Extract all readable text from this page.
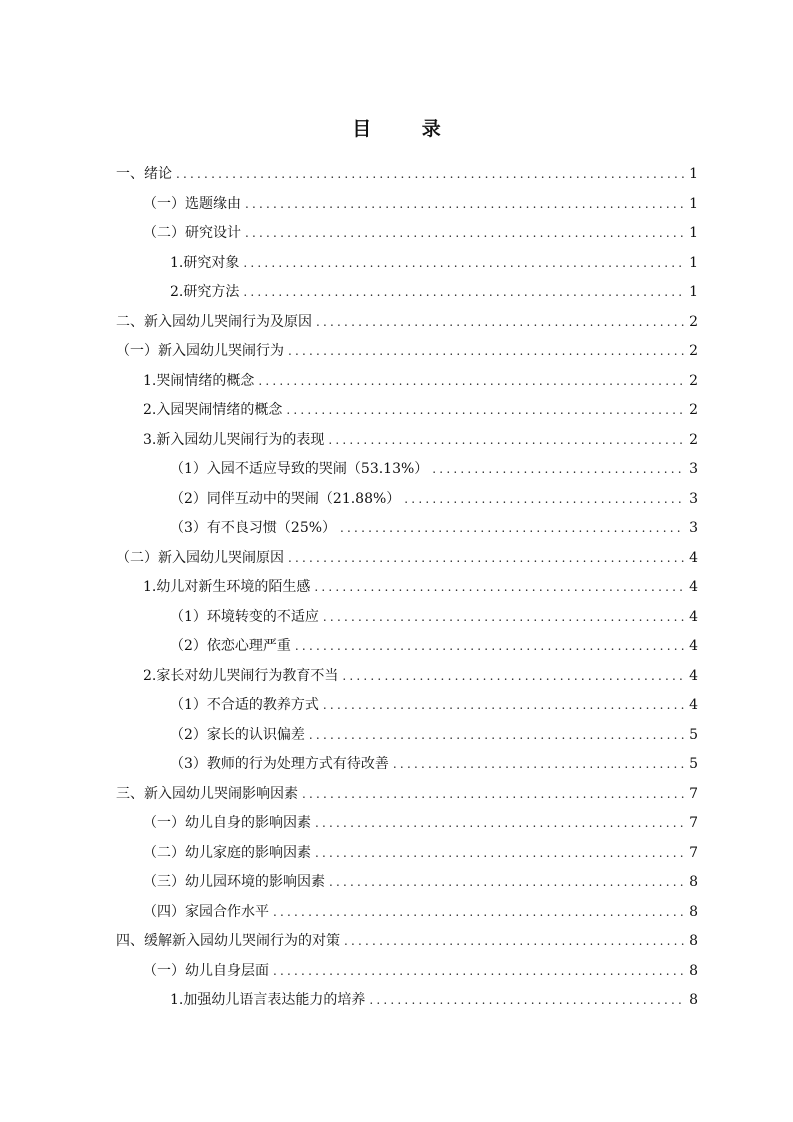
目 录
一、绪论 .....	1
（一）选题缘由 .....	1
（二）研究设计 .....	1
1.研究对象 .....	1
2.研究方法 .....	1
二、新入园幼儿哭闹行为及原因 .....	2
（一）新入园幼儿哭闹行为 .....	2
1.哭闹情绪的概念 .....	2
2.入园哭闹情绪的概念 .....	2
3.新入园幼儿哭闹行为的表现 .....	2
（1）入园不适应导致的哭闹（53.13%） .....	3
（2）同伴互动中的哭闹（21.88%） .....	3
（3）有不良习惯（25%） .....	3
（二）新入园幼儿哭闹原因 .....	4
1.幼儿对新生环境的陌生感 .....	4
（1）环境转变的不适应 .....	4
（2）依恋心理严重 .....	4
2.家长对幼儿哭闹行为教育不当 .....	4
（1）不合适的教养方式 .....	4
（2）家长的认识偏差 .....	5
（3）教师的行为处理方式有待改善 .....	5
三、新入园幼儿哭闹影响因素 .....	7
（一）幼儿自身的影响因素 .....	7
（二）幼儿家庭的影响因素 .....	7
（三）幼儿园环境的影响因素 .....	8
（四）家园合作水平 .....	8
四、缓解新入园幼儿哭闹行为的对策 .....	8
（一）幼儿自身层面 .....	8
1.加强幼儿语言表达能力的培养 .....	8
